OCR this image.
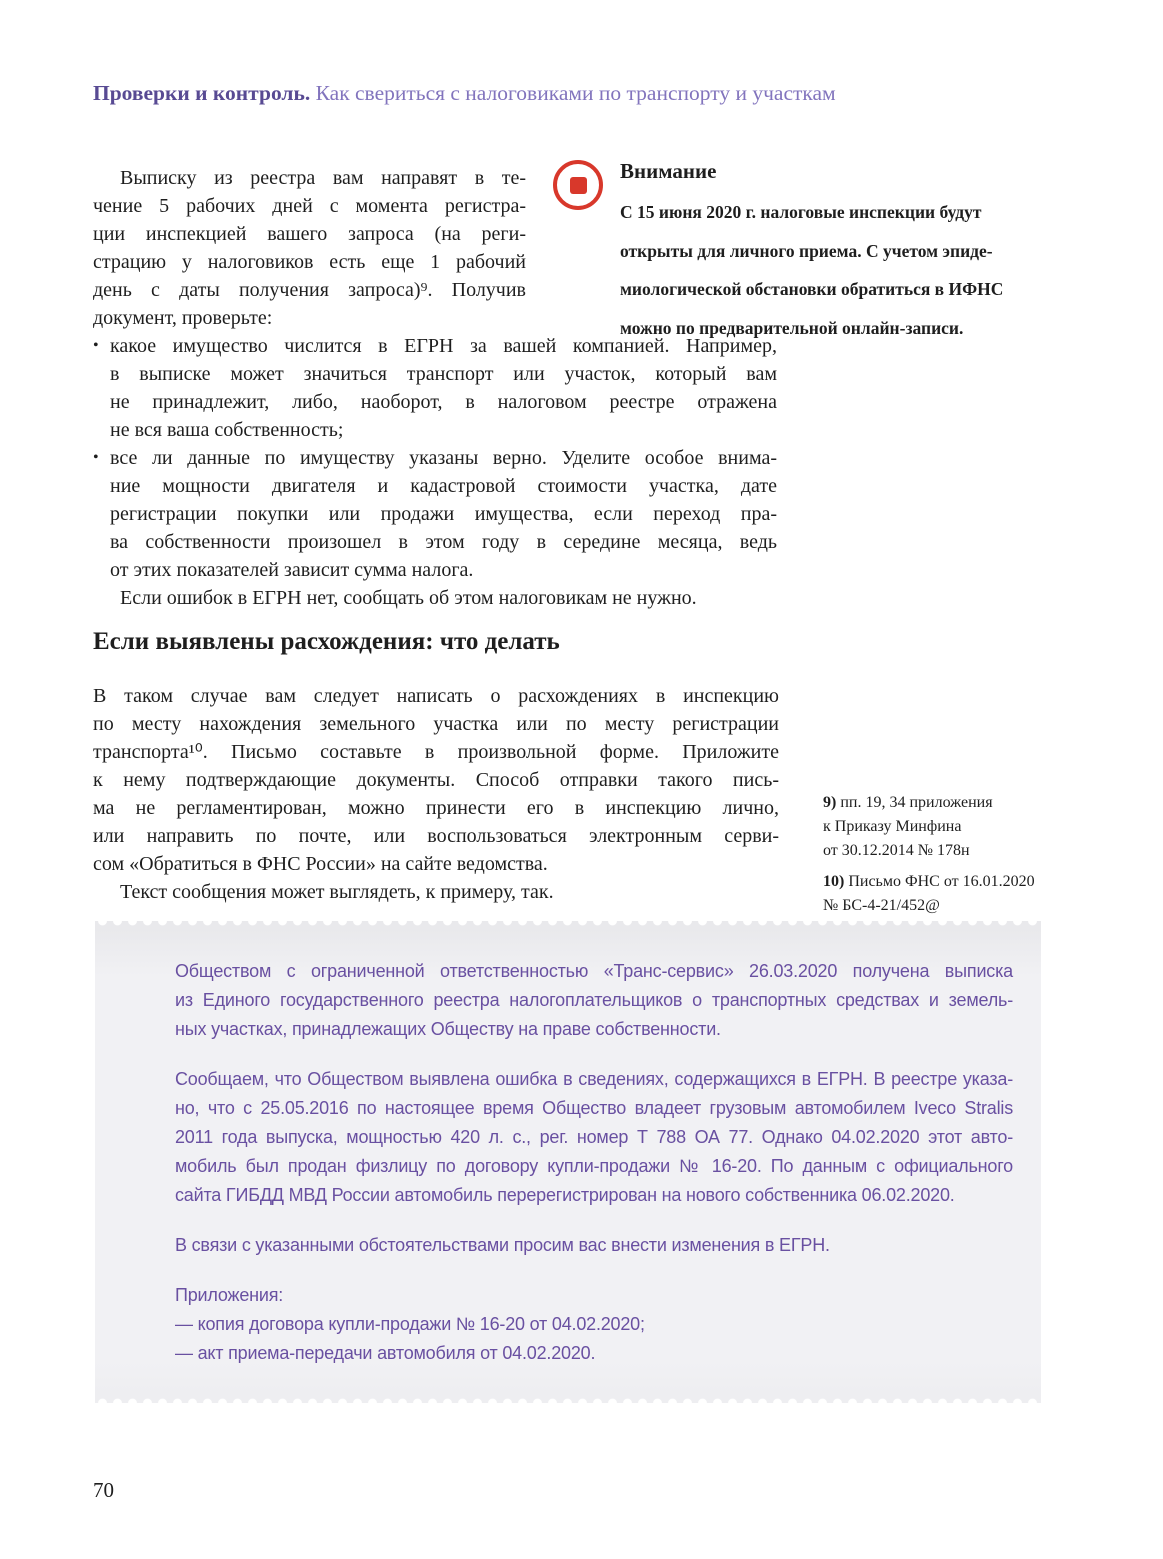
Проверки и контроль. Как свериться с налоговиками по транспорту и участкам
Выписку из реестра вам направят в те-
чение 5 рабочих дней с момента регистра-
ции инспекцией вашего запроса (на реги-
страцию у налоговиков есть еще 1 рабочий
день с даты получения запроса)⁹. Получив
документ, проверьте:
Внимание
С 15 июня 2020 г. налоговые инспекции будут
открыты для личного приема. С учетом эпиде-
миологической обстановки обратиться в ИФНС
можно по предварительной онлайн-записи.
• какое имущество числится в ЕГРН за вашей компанией. Например,
в выписке может значиться транспорт или участок, который вам
не принадлежит, либо, наоборот, в налоговом реестре отражена
не вся ваша собственность;
• все ли данные по имуществу указаны верно. Уделите особое внима-
ние мощности двигателя и кадастровой стоимости участка, дате
регистрации покупки или продажи имущества, если переход пра-
ва собственности произошел в этом году в середине месяца, ведь
от этих показателей зависит сумма налога.
Если ошибок в ЕГРН нет, сообщать об этом налоговикам не нужно.
Если выявлены расхождения: что делать
В таком случае вам следует написать о расхождениях в инспекцию
по месту нахождения земельного участка или по месту регистрации
транспорта¹⁰. Письмо составьте в произвольной форме. Приложите
к нему подтверждающие документы. Способ отправки такого пись-
ма не регламентирован, можно принести его в инспекцию лично,
или направить по почте, или воспользоваться электронным серви-
сом «Обратиться в ФНС России» на сайте ведомства.
Текст сообщения может выглядеть, к примеру, так.
9) пп. 19, 34 приложения
к Приказу Минфина
от 30.12.2014 № 178н
10) Письмо ФНС от 16.01.2020
№ БС-4-21/452@
Обществом с ограниченной ответственностью «Транс-сервис» 26.03.2020 получена выписка
из Единого государственного реестра налогоплательщиков о транспортных средствах и земель-
ных участках, принадлежащих Обществу на праве собственности.
Сообщаем, что Обществом выявлена ошибка в сведениях, содержащихся в ЕГРН. В реестре указа-
но, что с 25.05.2016 по настоящее время Общество владеет грузовым автомобилем Iveco Stralis
2011 года выпуска, мощностью 420 л. с., рег. номер Т 788 ОА 77. Однако 04.02.2020 этот авто-
мобиль был продан физлицу по договору купли-продажи № 16-20. По данным с официального
сайта ГИБДД МВД России автомобиль перерегистрирован на нового собственника 06.02.2020.
В связи с указанными обстоятельствами просим вас внести изменения в ЕГРН.
Приложения:
— копия договора купли-продажи № 16-20 от 04.02.2020;
— акт приема-передачи автомобиля от 04.02.2020.
70
